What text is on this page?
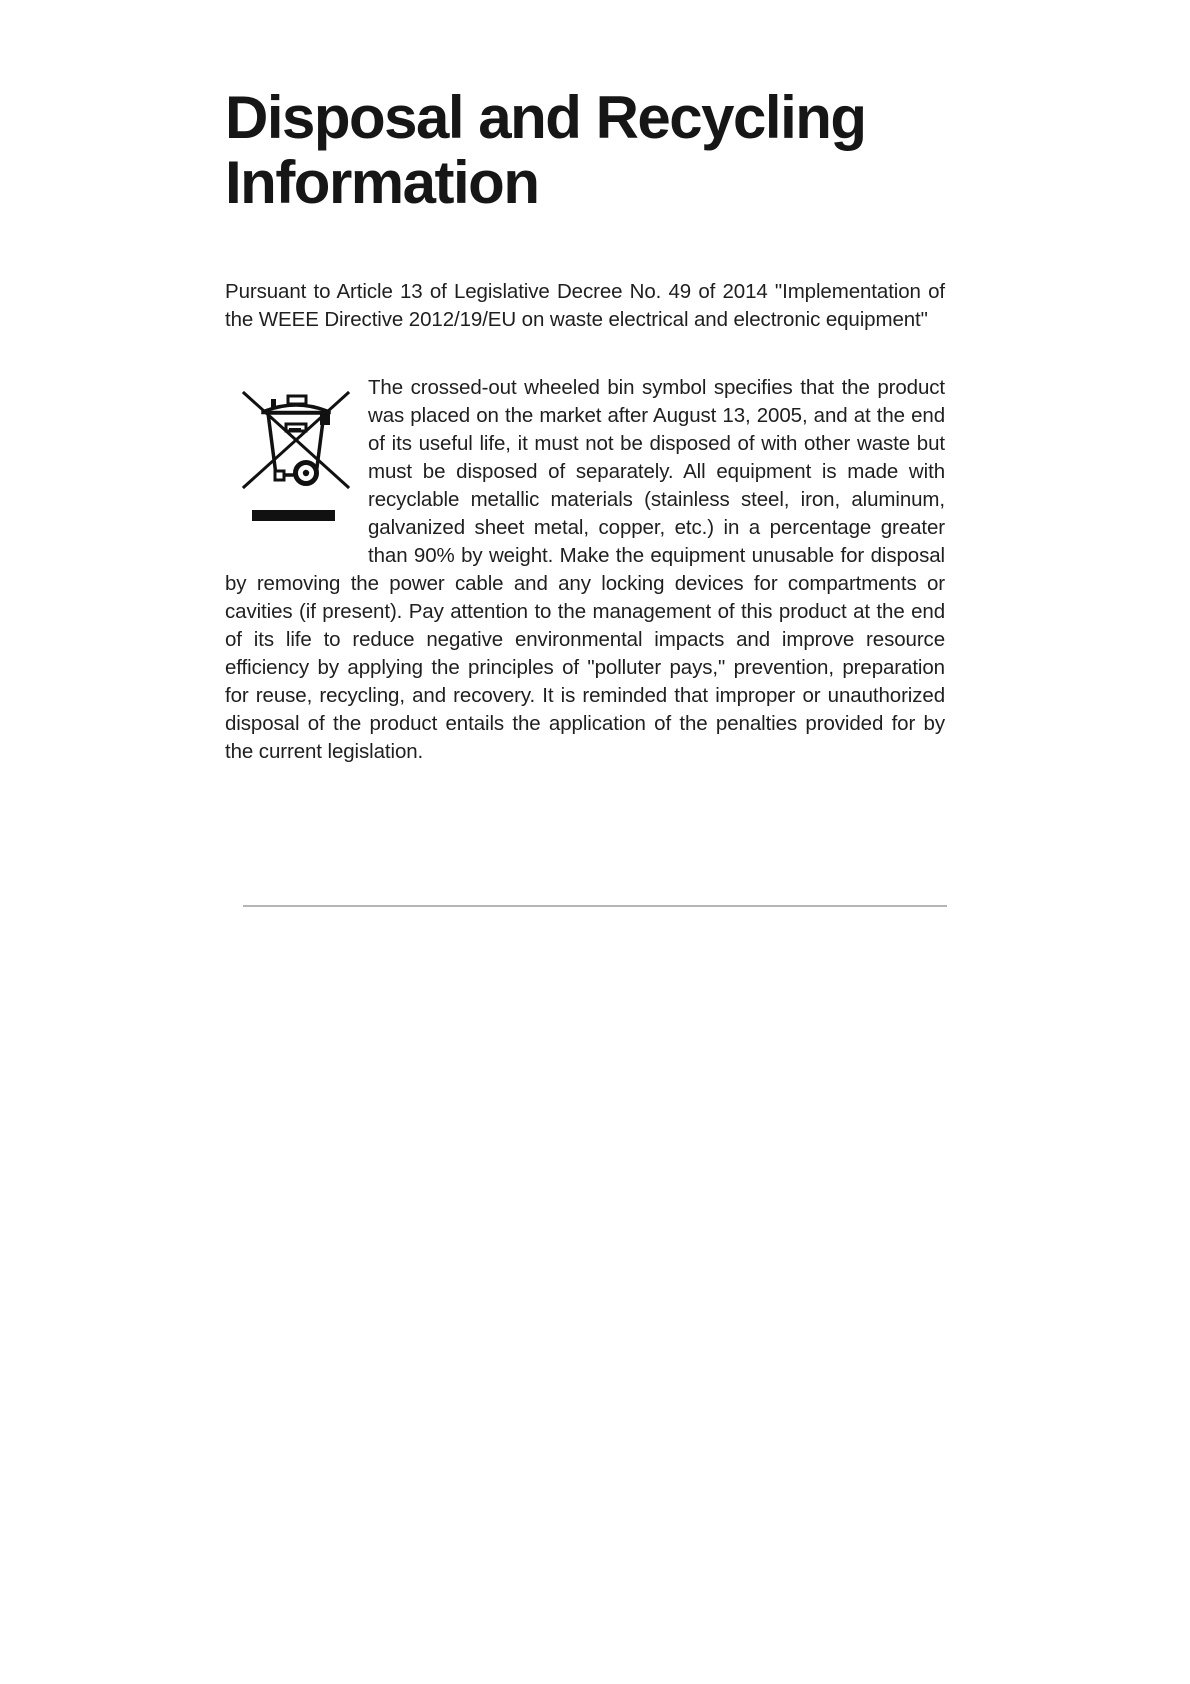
Disposal and Recycling Information

Pursuant to Article 13 of Legislative Decree No. 49 of 2014 "Implementation of the WEEE Directive 2012/19/EU on waste electrical and electronic equipment"

The crossed-out wheeled bin symbol specifies that the product was placed on the market after August 13, 2005, and at the end of its useful life, it must not be disposed of with other waste but must be disposed of separately. All equipment is made with recyclable metallic materials (stainless steel, iron, aluminum, galvanized sheet metal, copper, etc.) in a percentage greater than 90% by weight. Make the equipment unusable for disposal by removing the power cable and any locking devices for compartments or cavities (if present). Pay attention to the management of this product at the end of its life to reduce negative environmental impacts and improve resource efficiency by applying the principles of "polluter pays," prevention, preparation for reuse, recycling, and recovery. It is reminded that improper or unauthorized disposal of the product entails the application of the penalties provided for by the current legislation.
